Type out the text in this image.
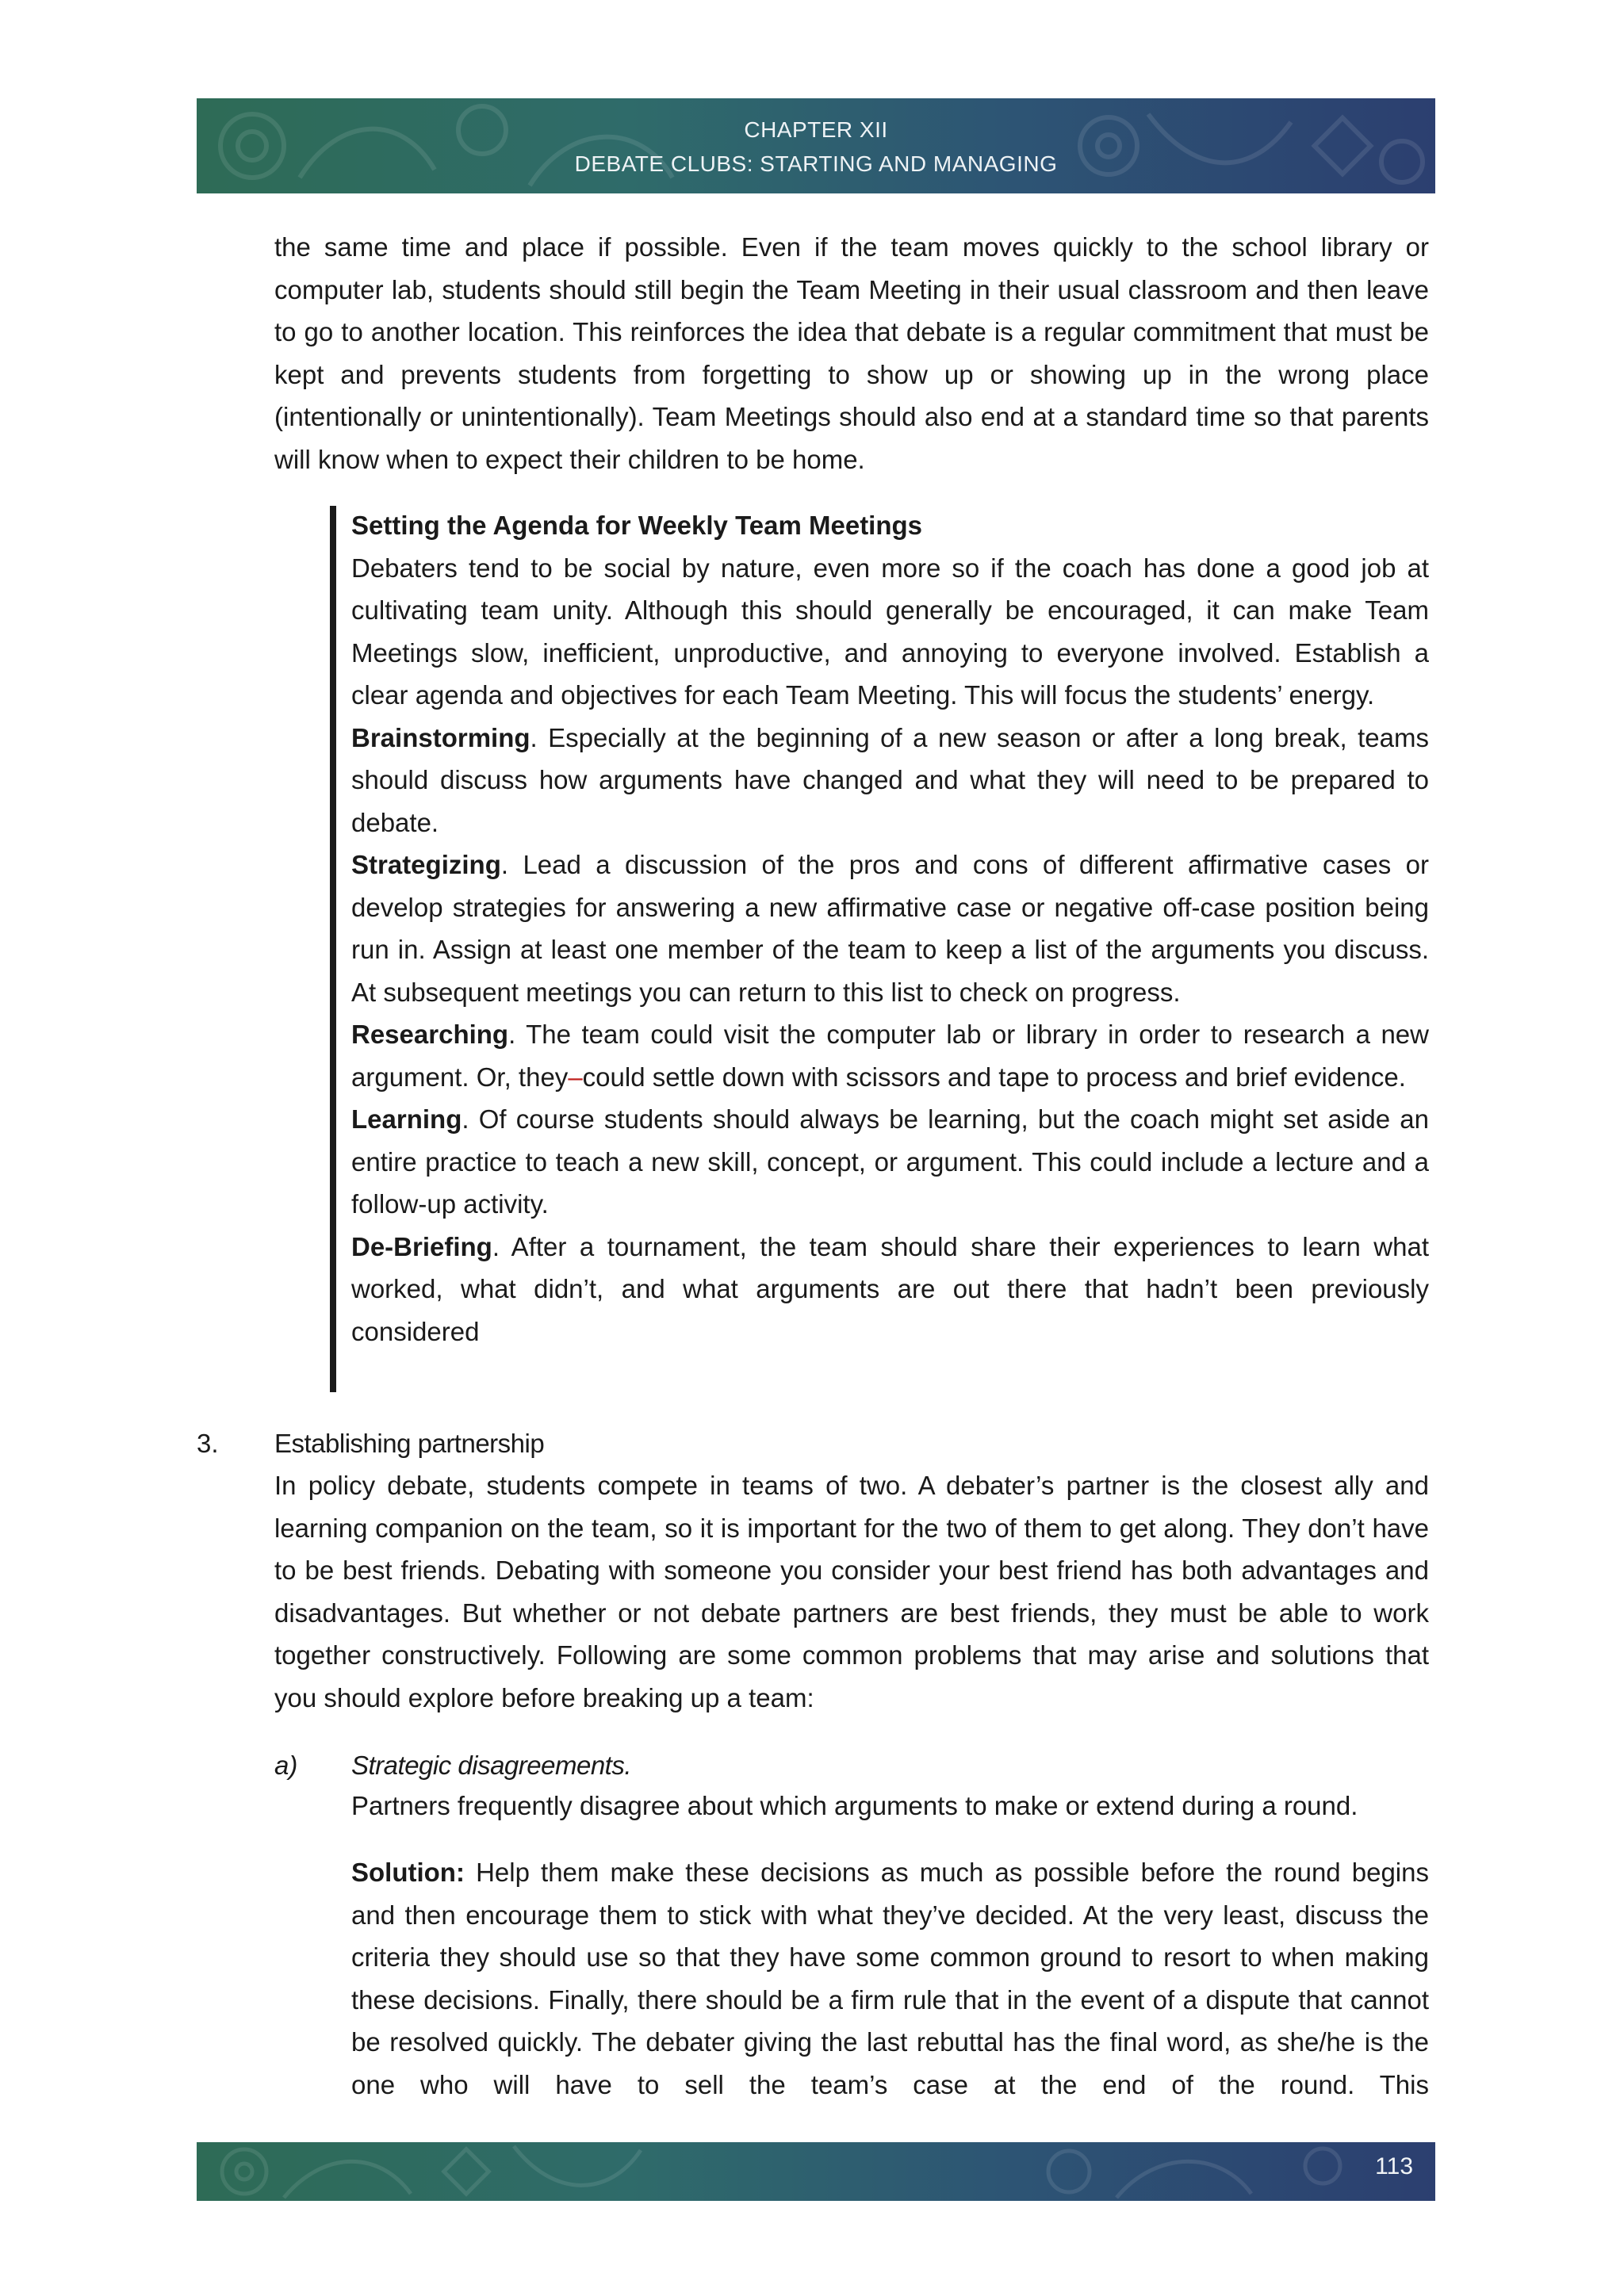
CHAPTER XII
DEBATE CLUBS: STARTING AND MANAGING

the same time and place if possible. Even if the team moves quickly to the school library or computer lab, students should still begin the Team Meeting in their usual classroom and then leave to go to another location. This reinforces the idea that debate is a regular commitment that must be kept and prevents students from forgetting to show up or showing up in the wrong place (intentionally or unintentionally). Team Meetings should also end at a standard time so that parents will know when to expect their children to be home.

Setting the Agenda for Weekly Team Meetings

Debaters tend to be social by nature, even more so if the coach has done a good job at cultivating team unity. Although this should generally be encouraged, it can make Team Meetings slow, inefficient, unproductive, and annoying to everyone involved. Establish a clear agenda and objectives for each Team Meeting. This will focus the students’ energy.

Brainstorming. Especially at the beginning of a new season or after a long break, teams should discuss how arguments have changed and what they will need to be prepared to debate.

Strategizing. Lead a discussion of the pros and cons of different affirmative cases or develop strategies for answering a new affirmative case or negative off-case position being run in. Assign at least one member of the team to keep a list of the arguments you discuss. At subsequent meetings you can return to this list to check on progress.

Researching. The team could visit the computer lab or library in order to research a new argument. Or, they–could settle down with scissors and tape to process and brief evidence.

Learning. Of course students should always be learning, but the coach might set aside an entire practice to teach a new skill, concept, or argument. This could include a lecture and a follow-up activity.

De-Briefing. After a tournament, the team should share their experiences to learn what worked, what didn’t, and what arguments are out there that hadn’t been previously considered

3. Establishing partnership

In policy debate, students compete in teams of two. A debater’s partner is the closest ally and learning companion on the team, so it is important for the two of them to get along. They don’t have to be best friends. Debating with someone you consider your best friend has both advantages and disadvantages. But whether or not debate partners are best friends, they must be able to work together constructively. Following are some common problems that may arise and solutions that you should explore before breaking up a team:

a) Strategic disagreements.

Partners frequently disagree about which arguments to make or extend during a round.

Solution: Help them make these decisions as much as possible before the round begins and then encourage them to stick with what they’ve decided. At the very least, discuss the criteria they should use so that they have some common ground to resort to when making these decisions. Finally, there should be a firm rule that in the event of a dispute that cannot be resolved quickly. The debater giving the last rebuttal has the final word, as she/he is the one who will have to sell the team’s case at the end of the round. This

113
